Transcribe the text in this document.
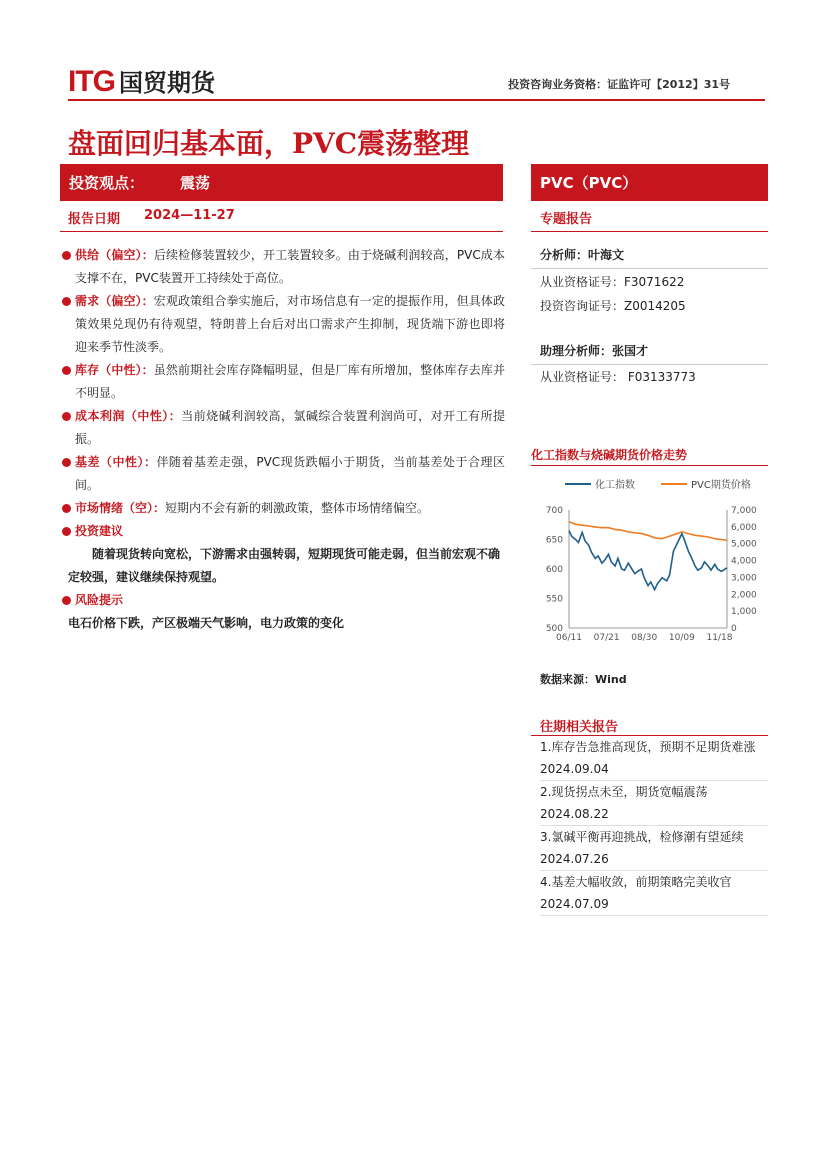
ITG 国贸期货	投资咨询业务资格：证监许可【2012】31号
盘面回归基本面，PVC震荡整理
投资观点： 震荡	PVC（PVC）
报告日期 2024—11-27	专题报告
供给（偏空）：后续检修装置较少，开工装置较多。由于烧碱利润较高，PVC成本支撑不在，PVC装置开工持续处于高位。
需求（偏空）：宏观政策组合拳实施后，对市场信息有一定的提振作用，但具体政策效果兑现仍有待观望，特朗普上台后对出口需求产生抑制，现货端下游也即将迎来季节性淡季。
库存（中性）：虽然前期社会库存降幅明显，但是厂库有所增加，整体库存去库并不明显。
成本利润（中性）：当前烧碱利润较高，氯碱综合装置利润尚可，对开工有所提振。
基差（中性）：伴随着基差走强，PVC现货跌幅小于期货，当前基差处于合理区间。
市场情绪（空）：短期内不会有新的刺激政策，整体市场情绪偏空。
投资建议
随着现货转向宽松，下游需求由强转弱，短期现货可能走弱，但当前宏观不确定较强，建议继续保持观望。
风险提示
电石价格下跌，产区极端天气影响，电力政策的变化
分析师：叶海文
从业资格证号：F3071622
投资咨询证号：Z0014205
助理分析师：张国才
从业资格证号： F03133773
化工指数与烧碱期货价格走势
700
650
600
550
500
7,000
6,000
5,000
4,000
3,000
2,000
1,000
0
06/11 07/21 08/30 10/09 11/18
化工指数	PVC期货价格
数据来源：Wind
往期相关报告
1.库存告急推高现货，预期不足期货难涨 2024.09.04
2.现货拐点未至，期货宽幅震荡 2024.08.22
3.氯碱平衡再迎挑战，检修潮有望延续 2024.07.26
4.基差大幅收敛，前期策略完美收官 2024.07.09
